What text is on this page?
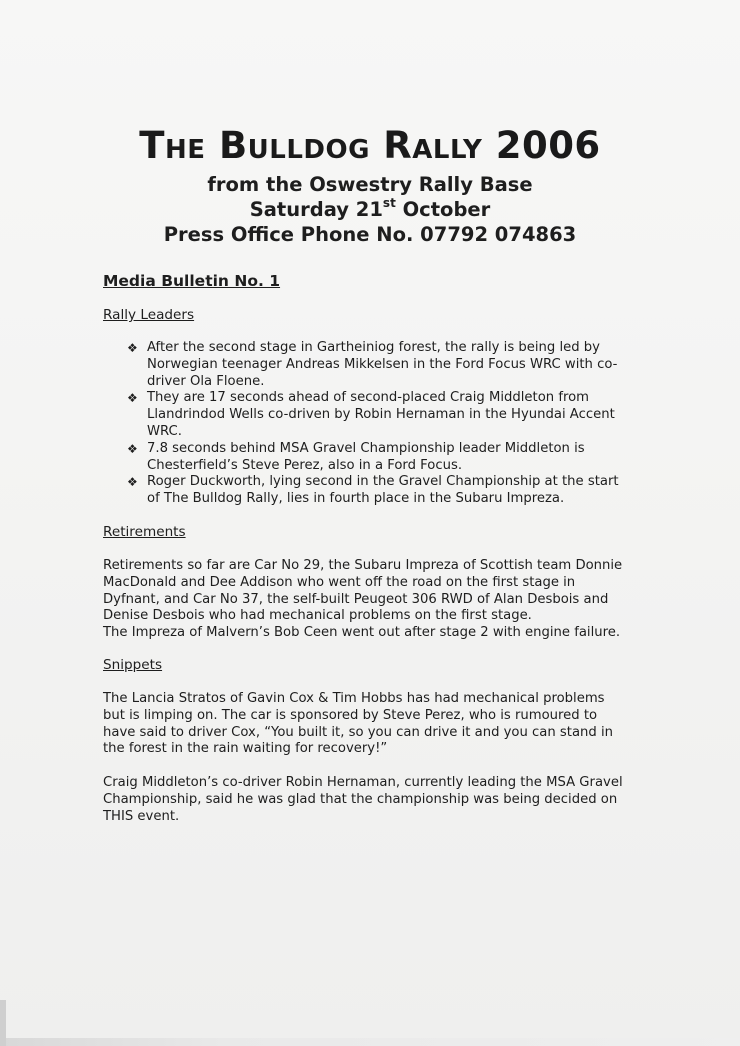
The Bulldog Rally 2006
from the Oswestry Rally Base
Saturday 21st October
Press Office Phone No. 07792 074863
Media Bulletin No. 1
Rally Leaders
❖ After the second stage in Gartheiniog forest, the rally is being led by Norwegian teenager Andreas Mikkelsen in the Ford Focus WRC with co-driver Ola Floene.
❖ They are 17 seconds ahead of second-placed Craig Middleton from Llandrindod Wells co-driven by Robin Hernaman in the Hyundai Accent WRC.
❖ 7.8 seconds behind MSA Gravel Championship leader Middleton is Chesterfield’s Steve Perez, also in a Ford Focus.
❖ Roger Duckworth, lying second in the Gravel Championship at the start of The Bulldog Rally, lies in fourth place in the Subaru Impreza.
Retirements

Retirements so far are Car No 29, the Subaru Impreza of Scottish team Donnie MacDonald and Dee Addison who went off the road on the first stage in Dyfnant, and Car No 37, the self-built Peugeot 306 RWD of Alan Desbois and Denise Desbois who had mechanical problems on the first stage.

The Impreza of Malvern’s Bob Ceen went out after stage 2 with engine failure.

Snippets

The Lancia Stratos of Gavin Cox & Tim Hobbs has had mechanical problems but is limping on. The car is sponsored by Steve Perez, who is rumoured to have said to driver Cox, “You built it, so you can drive it and you can stand in the forest in the rain waiting for recovery!”

Craig Middleton’s co-driver Robin Hernaman, currently leading the MSA Gravel Championship, said he was glad that the championship was being decided on THIS event.
